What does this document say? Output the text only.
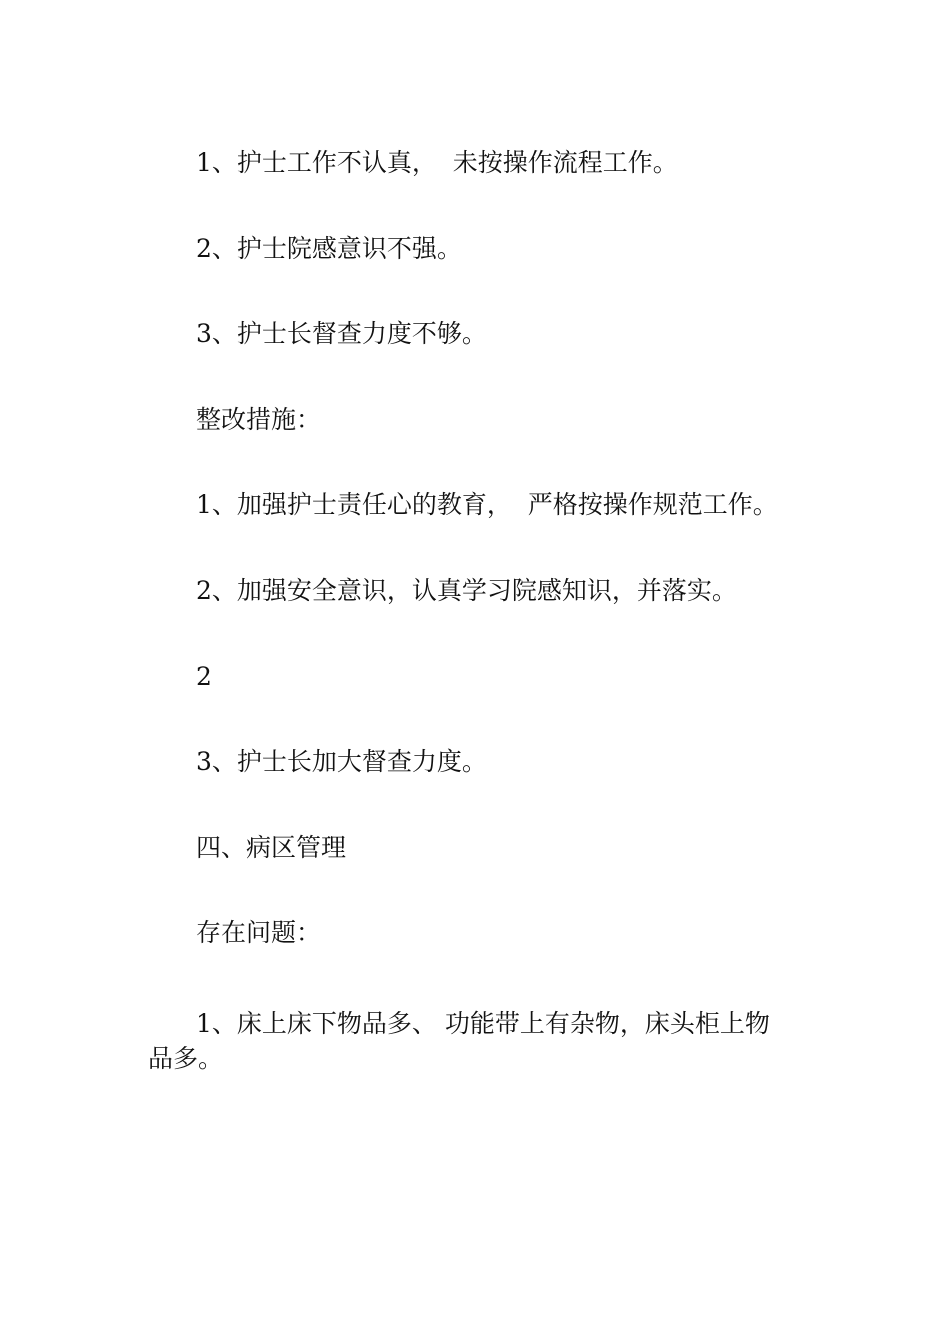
1、护士工作不认真，  未按操作流程工作。
2、护士院感意识不强。
3、护士长督查力度不够。
整改措施：
1、加强护士责任心的教育，  严格按操作规范工作。
2、加强安全意识，认真学习院感知识，并落实。
2
3、护士长加大督查力度。
四、病区管理
存在问题：
1、床上床下物品多、 功能带上有杂物，床头柜上物品多。
